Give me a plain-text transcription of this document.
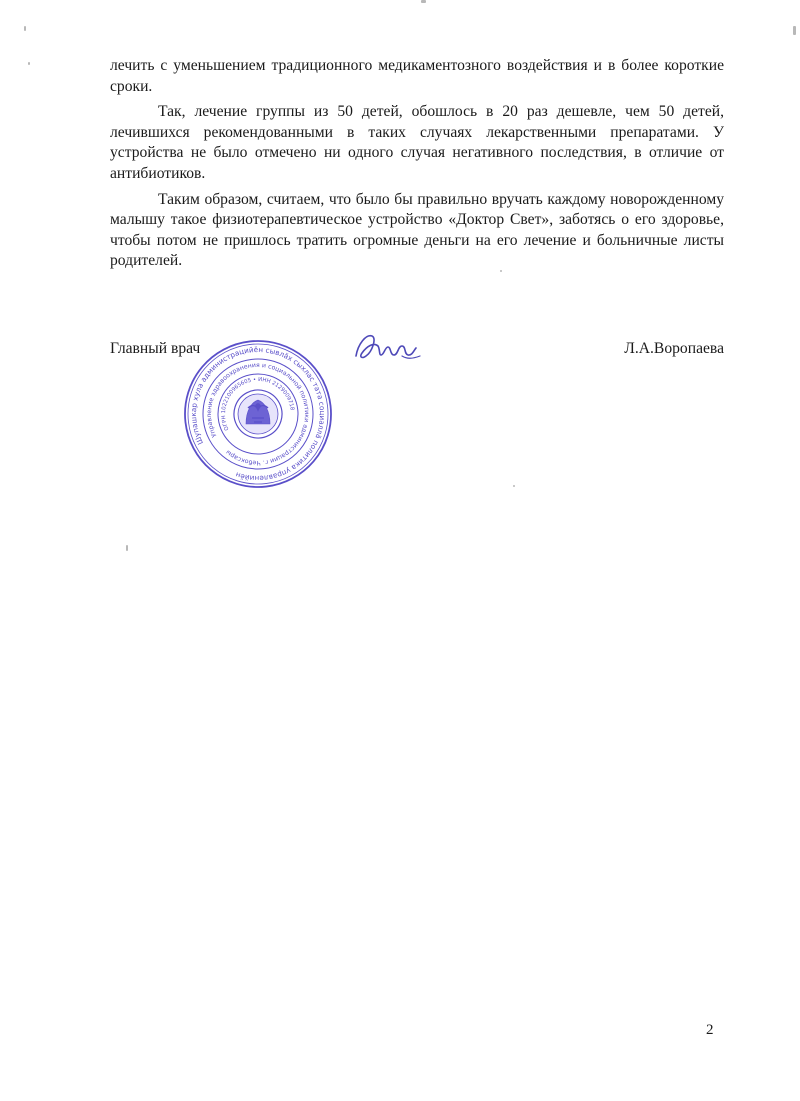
лечить с уменьшением традиционного медикаментозного воздействия и в более короткие сроки.

Так, лечение группы из 50 детей, обошлось в 20 раз дешевле, чем 50 детей, лечившихся рекомендованными в таких случаях лекарственными препаратами. У устройства не было отмечено ни одного случая негативного последствия, в отличие от антибиотиков.

Таким образом, считаем, что было бы правильно вручать каждому новорожденному малышу такое физиотерапевтическое устройство «Доктор Свет», заботясь о его здоровье, чтобы потом не пришлось тратить огромные деньги на его лечение и больничные листы родителей.

Главный врач	Л.А.Воропаева
Шупашкар хула администрацийĕн сывлăх сыхлас тата социаллă политика управленийĕн
Управление здравоохранения и социальной политики администрации г. Чебоксары
ОГРН 1022100965605 • ИНН 2129009718
2
